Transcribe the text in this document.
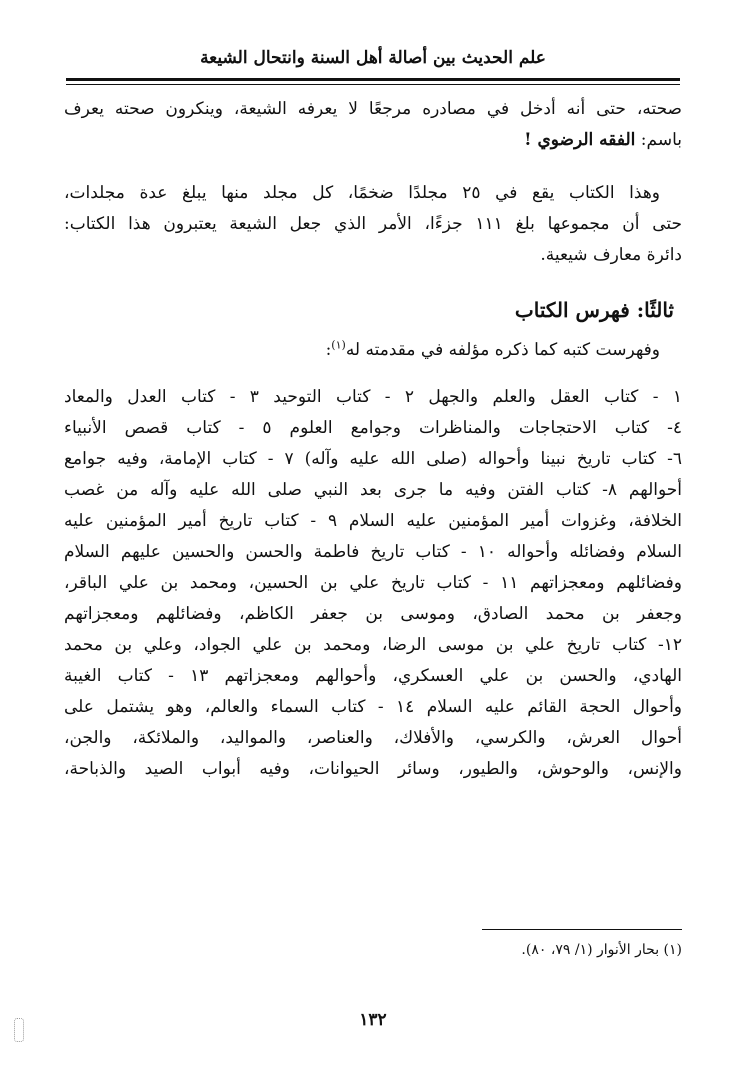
علم الحديث بين أصالة أهل السنة وانتحال الشيعة
صحته، حتى أنه أدخل في مصادره مرجعًا لا يعرفه الشيعة، وينكرون صحته يعرف
باسم: الفقه الرضوي !
وهذا الكتاب يقع في ٢٥ مجلدًا ضخمًا، كل مجلد منها يبلغ عدة مجلدات،
حتى أن مجموعها بلغ ١١١ جزءًا، الأمر الذي جعل الشيعة يعتبرون هذا الكتاب:
دائرة معارف شيعية.
ثالثًا: فهرس الكتاب
وفهرست كتبه كما ذكره مؤلفه في مقدمته له$^{(١)}$:
١ - كتاب العقل والعلم والجهل ٢ - كتاب التوحيد ٣ - كتاب العدل والمعاد
٤- كتاب الاحتجاجات والمناظرات وجوامع العلوم ٥ - كتاب قصص الأنبياء
٦- كتاب تاريخ نبينا وأحواله (صلى الله عليه وآله) ٧ - كتاب الإمامة، وفيه جوامع
أحوالهم ٨- كتاب الفتن وفيه ما جرى بعد النبي صلى الله عليه وآله من غصب
الخلافة، وغزوات أمير المؤمنين عليه السلام ٩ - كتاب تاريخ أمير المؤمنين عليه
السلام وفضائله وأحواله ١٠ - كتاب تاريخ فاطمة والحسن والحسين عليهم السلام
وفضائلهم ومعجزاتهم ١١ - كتاب تاريخ علي بن الحسين، ومحمد بن علي الباقر،
وجعفر بن محمد الصادق، وموسى بن جعفر الكاظم، وفضائلهم ومعجزاتهم
١٢- كتاب تاريخ علي بن موسى الرضا، ومحمد بن علي الجواد، وعلي بن محمد
الهادي، والحسن بن علي العسكري، وأحوالهم ومعجزاتهم ١٣ - كتاب الغيبة
وأحوال الحجة القائم عليه السلام ١٤ - كتاب السماء والعالم، وهو يشتمل على
أحوال العرش، والكرسي، والأفلاك، والعناصر، والمواليد، والملائكة، والجن،
والإنس، والوحوش، والطيور، وسائر الحيوانات، وفيه أبواب الصيد والذباحة،
(١) بحار الأنوار (١/ ٧٩، ٨٠).
١٣٢
